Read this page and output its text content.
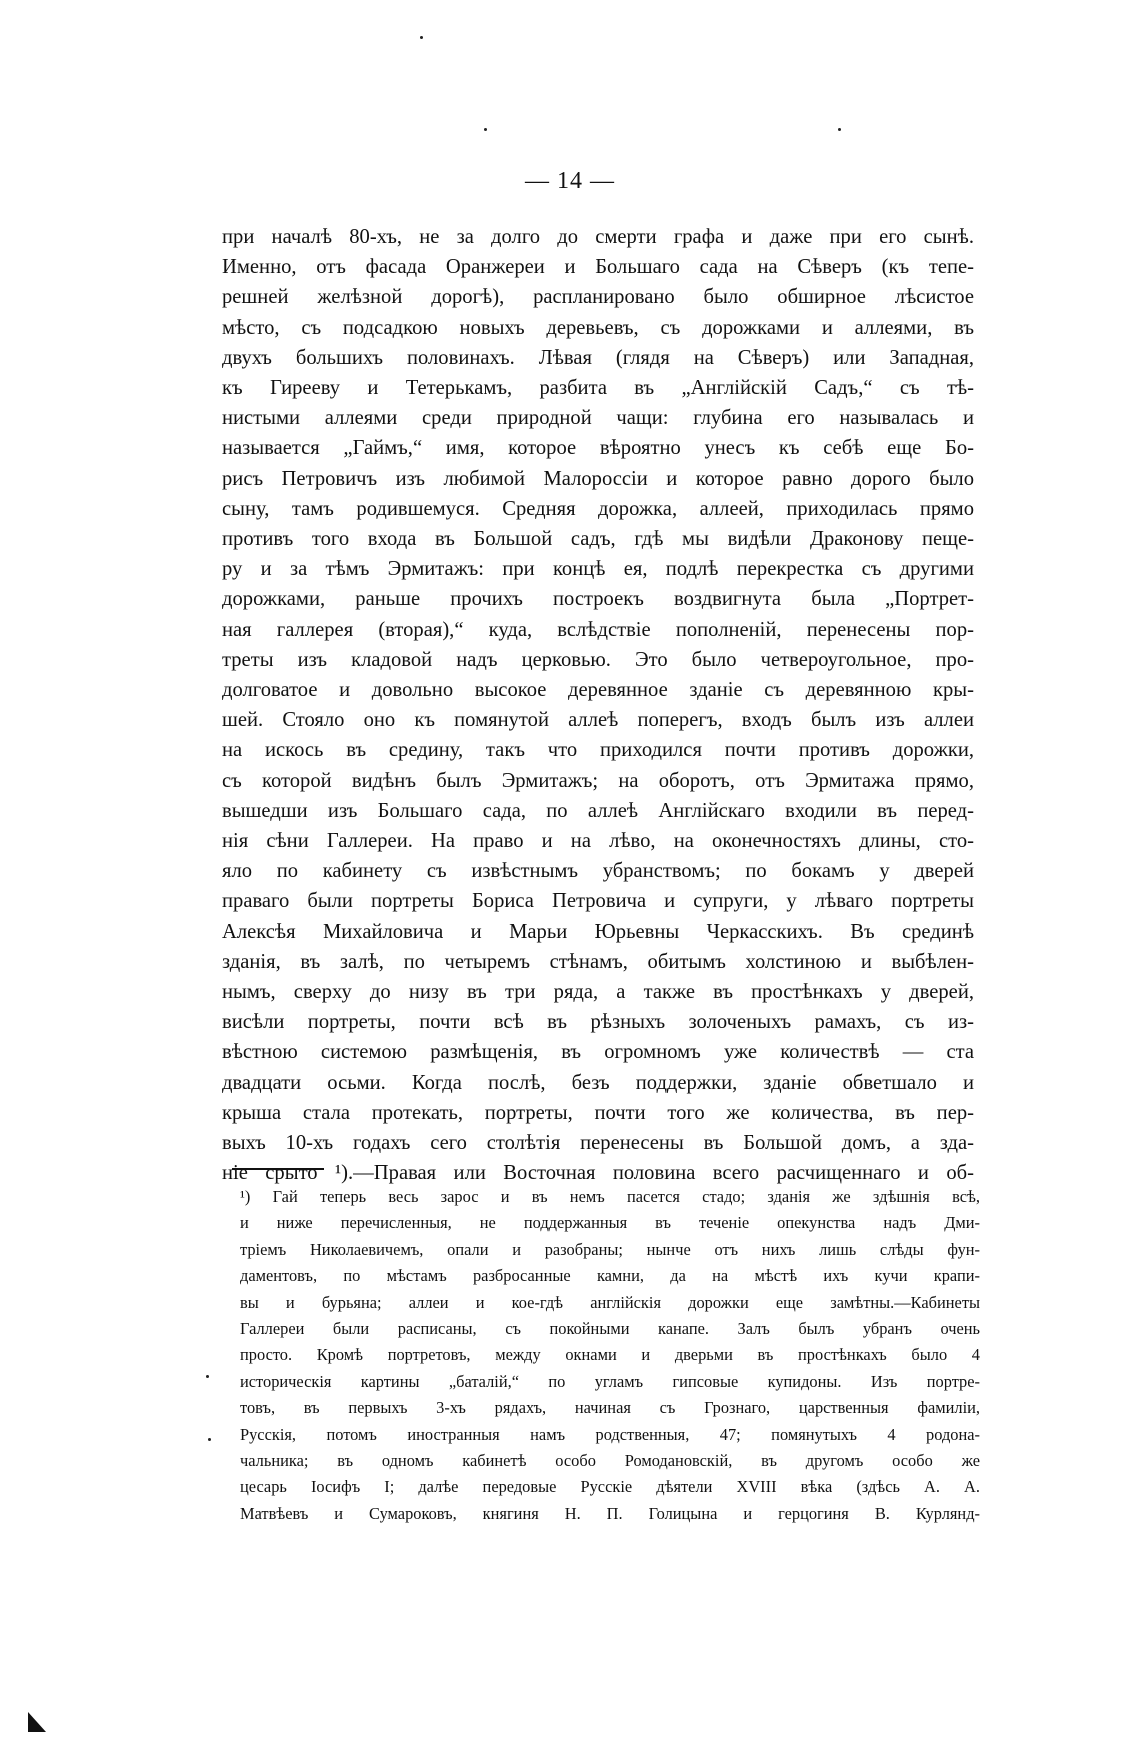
— 14 —
при началѣ 80-хъ, не за долго до смерти графа и даже при его сынѣ.
Именно, отъ фасада Оранжереи и Большаго сада на Сѣверъ (къ тепе-
решней желѣзной дорогѣ), распланировано было обширное лѣсистое
мѣсто, съ подсадкою новыхъ деревьевъ, съ дорожками и аллеями, въ
двухъ большихъ половинахъ. Лѣвая (глядя на Сѣверъ) или Западная,
къ Гирееву и Тетерькамъ, разбита въ „Англійскій Садъ,“ съ тѣ-
нистыми аллеями среди природной чащи: глубина его называлась и
называется „Гаймъ,“ имя, которое вѣроятно унесъ къ себѣ еще Бо-
рисъ Петровичъ изъ любимой Малороссіи и которое равно дорого было
сыну, тамъ родившемуся. Средняя дорожка, аллеей, приходилась прямо
противъ того входа въ Большой садъ, гдѣ мы видѣли Драконову пеще-
ру и за тѣмъ Эрмитажъ: при концѣ ея, подлѣ перекрестка съ другими
дорожками, раньше прочихъ построекъ воздвигнута была „Портрет-
ная галлерея (вторая),“ куда, вслѣдствіе пополненій, перенесены пор-
треты изъ кладовой надъ церковью. Это было четвероугольное, про-
долговатое и довольно высокое деревянное зданіе съ деревянною кры-
шей. Стояло оно къ помянутой аллеѣ поперегъ, входъ былъ изъ аллеи
на искось въ средину, такъ что приходился почти противъ дорожки,
съ которой видѣнъ былъ Эрмитажъ; на оборотъ, отъ Эрмитажа прямо,
вышедши изъ Большаго сада, по аллеѣ Англійскаго входили въ перед-
нія сѣни Галлереи. На право и на лѣво, на оконечностяхъ длины, сто-
яло по кабинету съ извѣстнымъ убранствомъ; по бокамъ у дверей
праваго были портреты Бориса Петровича и супруги, у лѣваго портреты
Алексѣя Михайловича и Марьи Юрьевны Черкасскихъ. Въ срединѣ
зданія, въ залѣ, по четыремъ стѣнамъ, обитымъ холстиною и выбѣлен-
нымъ, сверху до низу въ три ряда, а также въ простѣнкахъ у дверей,
висѣли портреты, почти всѣ въ рѣзныхъ золоченыхъ рамахъ, съ из-
вѣстною системою размѣщенія, въ огромномъ уже количествѣ — ста
двадцати осьми. Когда послѣ, безъ поддержки, зданіе обветшало и
крыша стала протекать, портреты, почти того же количества, въ пер-
выхъ 10-хъ годахъ сего столѣтія перенесены въ Большой домъ, а зда-
ніе срыто ¹).—Правая или Восточная половина всего расчищеннаго и об-
¹) Гай теперь весь зарос и въ немъ пасется стадо; зданія же здѣшнія всѣ,
и ниже перечисленныя, не поддержанныя въ теченіе опекунства надъ Дми-
тріемъ Николаевичемъ, опали и разобраны; нынче отъ нихъ лишь слѣды фун-
даментовъ, по мѣстамъ разбросанные камни, да на мѣстѣ ихъ кучи крапи-
вы и бурьяна; аллеи и кое-гдѣ англійскія дорожки еще замѣтны.—Кабинеты
Галлереи были расписаны, съ покойными канапе. Залъ былъ убранъ очень
просто. Кромѣ портретовъ, между окнами и дверьми въ простѣнкахъ было 4
историческія картины „баталій,“ по угламъ гипсовые купидоны. Изъ портре-
товъ, въ первыхъ 3-хъ рядахъ, начиная съ Грознаго, царственныя фамиліи,
Русскія, потомъ иностранныя намъ родственныя, 47; помянутыхъ 4 родона-
чальника; въ одномъ кабинетѣ особо Ромодановскій, въ другомъ особо же
цесарь Іосифъ I; далѣе передовые Русскіе дѣятели XVIII вѣка (здѣсь А. А.
Матвѣевъ и Сумароковъ, княгиня Н. П. Голицына и герцогиня В. Курлянд-
